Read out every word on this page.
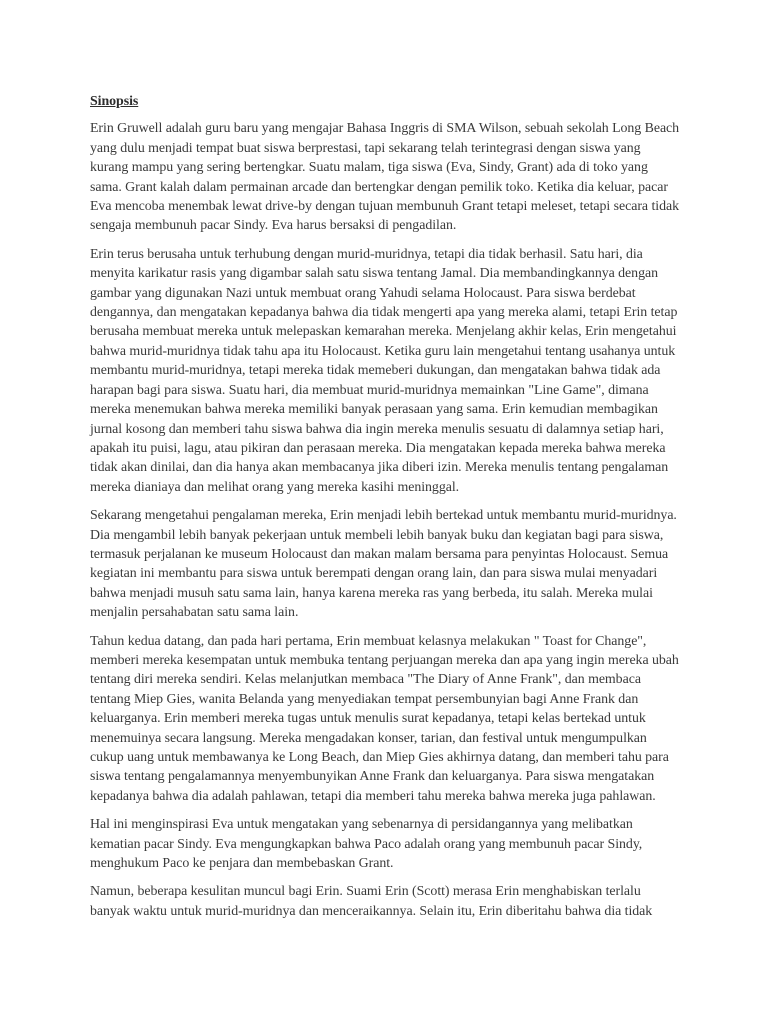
Sinopsis

Erin Gruwell adalah guru baru yang mengajar Bahasa Inggris di SMA Wilson, sebuah sekolah Long Beach yang dulu menjadi tempat buat siswa berprestasi, tapi sekarang telah terintegrasi dengan siswa yang kurang mampu yang sering bertengkar. Suatu malam, tiga siswa (Eva, Sindy, Grant) ada di toko yang sama. Grant kalah dalam permainan arcade dan bertengkar dengan pemilik toko. Ketika dia keluar, pacar Eva mencoba menembak lewat drive-by dengan tujuan membunuh Grant tetapi meleset, tetapi secara tidak sengaja membunuh pacar Sindy. Eva harus bersaksi di pengadilan.

Erin terus berusaha untuk terhubung dengan murid-muridnya, tetapi dia tidak berhasil. Satu hari, dia menyita karikatur rasis yang digambar salah satu siswa tentang Jamal. Dia membandingkannya dengan gambar yang digunakan Nazi untuk membuat orang Yahudi selama Holocaust. Para siswa berdebat dengannya, dan mengatakan kepadanya bahwa dia tidak mengerti apa yang mereka alami, tetapi Erin tetap berusaha membuat mereka untuk melepaskan kemarahan mereka. Menjelang akhir kelas, Erin mengetahui bahwa murid-muridnya tidak tahu apa itu Holocaust. Ketika guru lain mengetahui tentang usahanya untuk membantu murid-muridnya, tetapi mereka tidak memeberi dukungan, dan mengatakan bahwa tidak ada harapan bagi para siswa. Suatu hari, dia membuat murid-muridnya memainkan "Line Game", dimana mereka menemukan bahwa mereka memiliki banyak perasaan yang sama. Erin kemudian membagikan jurnal kosong dan memberi tahu siswa bahwa dia ingin mereka menulis sesuatu di dalamnya setiap hari, apakah itu puisi, lagu, atau pikiran dan perasaan mereka. Dia mengatakan kepada mereka bahwa mereka tidak akan dinilai, dan dia hanya akan membacanya jika diberi izin. Mereka menulis tentang pengalaman mereka dianiaya dan melihat orang yang mereka kasihi meninggal.

Sekarang mengetahui pengalaman mereka, Erin menjadi lebih bertekad untuk membantu murid-muridnya. Dia mengambil lebih banyak pekerjaan untuk membeli lebih banyak buku dan kegiatan bagi para siswa, termasuk perjalanan ke museum Holocaust dan makan malam bersama para penyintas Holocaust. Semua kegiatan ini membantu para siswa untuk berempati dengan orang lain, dan para siswa mulai menyadari bahwa menjadi musuh satu sama lain, hanya karena mereka ras yang berbeda, itu salah. Mereka mulai menjalin persahabatan satu sama lain.

Tahun kedua datang, dan pada hari pertama, Erin membuat kelasnya melakukan " Toast for Change", memberi mereka kesempatan untuk membuka tentang perjuangan mereka dan apa yang ingin mereka ubah tentang diri mereka sendiri. Kelas melanjutkan membaca "The Diary of Anne Frank", dan membaca tentang Miep Gies, wanita Belanda yang menyediakan tempat persembunyian bagi Anne Frank dan keluarganya. Erin memberi mereka tugas untuk menulis surat kepadanya, tetapi kelas bertekad untuk menemuinya secara langsung. Mereka mengadakan konser, tarian, dan festival untuk mengumpulkan cukup uang untuk membawanya ke Long Beach, dan Miep Gies akhirnya datang, dan memberi tahu para siswa tentang pengalamannya menyembunyikan Anne Frank dan keluarganya. Para siswa mengatakan kepadanya bahwa dia adalah pahlawan, tetapi dia memberi tahu mereka bahwa mereka juga pahlawan.

Hal ini menginspirasi Eva untuk mengatakan yang sebenarnya di persidangannya yang melibatkan kematian pacar Sindy. Eva mengungkapkan bahwa Paco adalah orang yang membunuh pacar Sindy, menghukum Paco ke penjara dan membebaskan Grant.

Namun, beberapa kesulitan muncul bagi Erin. Suami Erin (Scott) merasa Erin menghabiskan terlalu banyak waktu untuk murid-muridnya dan menceraikannya. Selain itu, Erin diberitahu bahwa dia tidak
